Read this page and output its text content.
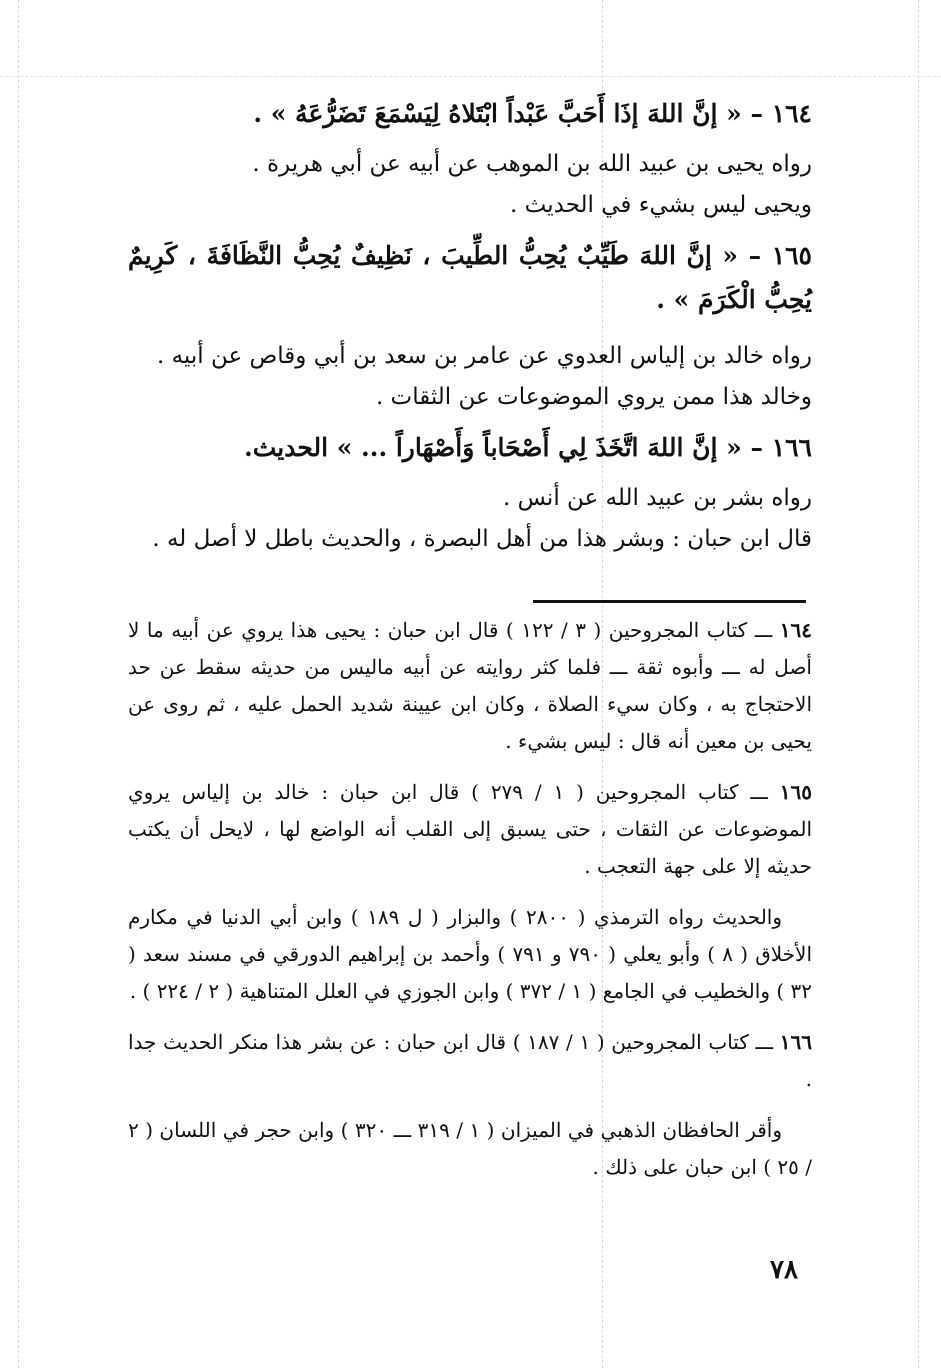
١٦٤ – « إنَّ اللهَ إذَا أَحَبَّ عَبْداً ابْتَلاهُ لِيَسْمَعَ تَضَرُّعَهُ » .

رواه يحيى بن عبيد الله بن الموهب عن أبيه عن أبي هريرة .

ويحيى ليس بشيء في الحديث .

١٦٥ – « إنَّ اللهَ طَيِّبٌ يُحِبُّ الطِّيبَ ، نَظِيفٌ يُحِبُّ النَّظَافَةَ ، كَرِيمٌ يُحِبُّ الْكَرَمَ » .

رواه خالد بن إلياس العدوي عن عامر بن سعد بن أبي وقاص عن أبيه .

وخالد هذا ممن يروي الموضوعات عن الثقات .

١٦٦ – « إنَّ اللهَ اتَّخَذَ لِي أَصْحَاباً وَأَصْهَاراً ... » الحديث.

رواه بشر بن عبيد الله عن أنس .

قال ابن حبان : وبشر هذا من أهل البصرة ، والحديث باطل لا أصل له .

١٦٤ ـــ كتاب المجروحين ( ٣ / ١٢٢ ) قال ابن حبان : يحيى هذا يروي عن أبيه ما لا أصل له ـــ وأبوه ثقة ـــ فلما كثر روايته عن أبيه ماليس من حديثه سقط عن حد الاحتجاج به ، وكان سيء الصلاة ، وكان ابن عيينة شديد الحمل عليه ، ثم روى عن يحيى بن معين أنه قال : ليس بشيء .

١٦٥ ـــ كتاب المجروحين ( ١ / ٢٧٩ ) قال ابن حبان : خالد بن إلياس يروي الموضوعات عن الثقات ، حتى يسبق إلى القلب أنه الواضع لها ، لايحل أن يكتب حديثه إلا على جهة التعجب .

والحديث رواه الترمذي ( ٢٨٠٠ ) والبزار ( ل ١٨٩ ) وابن أبي الدنيا في مكارم الأخلاق ( ٨ ) وأبو يعلي ( ٧٩٠ و ٧٩١ ) وأحمد بن إبراهيم الدورقي في مسند سعد ( ٣٢ ) والخطيب في الجامع ( ١ / ٣٧٢ ) وابن الجوزي في العلل المتناهية ( ٢ / ٢٢٤ ) .

١٦٦ ـــ كتاب المجروحين ( ١ / ١٨٧ ) قال ابن حبان : عن بشر هذا منكر الحديث جدا .

وأقر الحافظان الذهبي في الميزان ( ١ / ٣١٩ ـــ ٣٢٠ ) وابن حجر في اللسان ( ٢ / ٢٥ ) ابن حبان على ذلك .

٧٨
